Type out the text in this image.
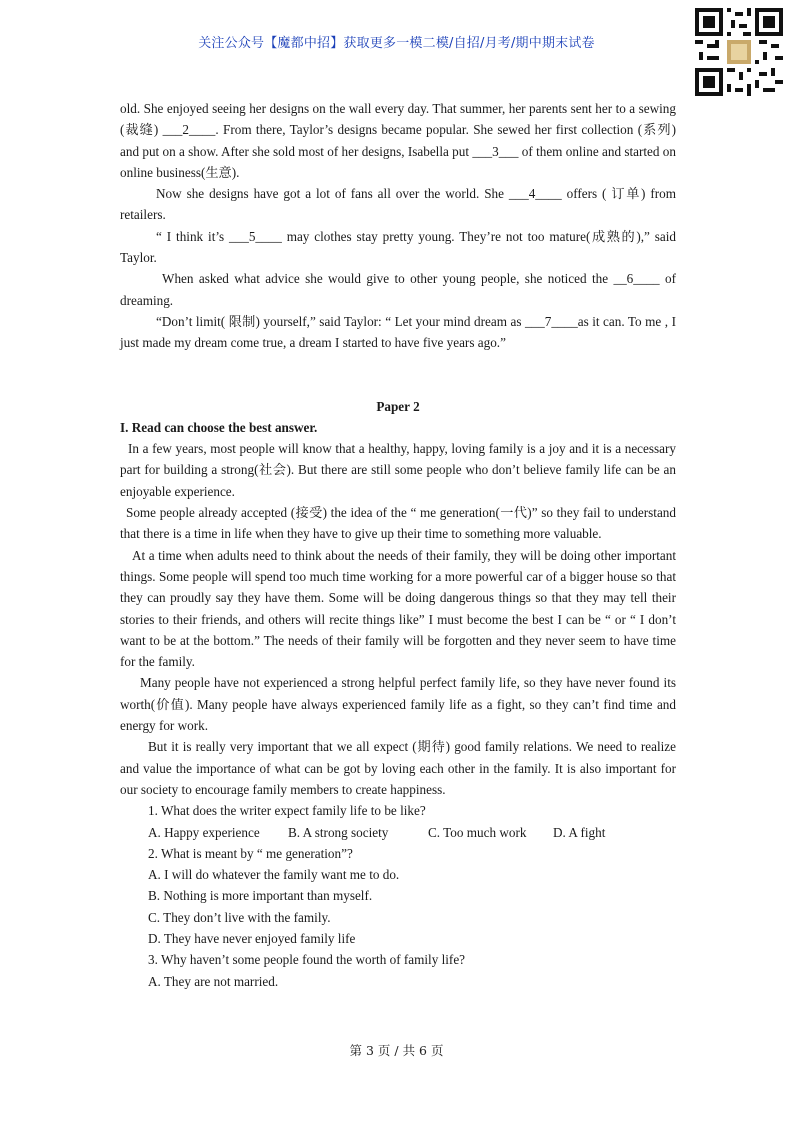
关注公众号【魔都中招】获取更多一模二模/自招/月考/期中期末试卷

old. She enjoyed seeing her designs on the wall every day. That summer, her parents sent her to a sewing (裁缝) ___2____. From there, Taylor’s designs became popular. She sewed her first collection (系列) and put on a show. After she sold most of her designs, Isabella put ___3___ of them online and started on online business(生意).

Now she designs have got a lot of fans all over the world. She ___4____ offers ( 订单) from retailers.

“ I think it’s ___5____ may clothes stay pretty young. They’re not too mature(成熟的),” said Taylor.

When asked what advice she would give to other young people, she noticed the __6____ of dreaming.

“Don’t limit( 限制) yourself,” said Taylor: “ Let your mind dream as ___7____as it can. To me , I just made my dream come true, a dream I started to have five years ago.”

Paper 2

I. Read can choose the best answer.

In a few years, most people will know that a healthy, happy, loving family is a joy and it is a necessary part for building a strong(社会). But there are still some people who don’t believe family life can be an enjoyable experience.

Some people already accepted (接受) the idea of the “ me generation(一代)” so they fail to understand that there is a time in life when they have to give up their time to something more valuable.

At a time when adults need to think about the needs of their family, they will be doing other important things. Some people will spend too much time working for a more powerful car of a bigger house so that they can proudly say they have them. Some will be doing dangerous things so that they may tell their stories to their friends, and others will recite things like” I must become the best I can be “ or “ I don’t want to be at the bottom.” The needs of their family will be forgotten and they never seem to have time for the family.

Many people have not experienced a strong helpful perfect family life, so they have never found its worth(价值). Many people have always experienced family life as a fight, so they can’t find time and energy for work.

But it is really very important that we all expect (期待) good family relations. We need to realize and value the importance of what can be got by loving each other in the family. It is also important for our society to encourage family members to create happiness.

1. What does the writer expect family life to be like?

A. Happy experience	B. A strong society	C. Too much work	D. A fight

2. What is meant by “ me generation”?

A. I will do whatever the family want me to do.

B. Nothing is more important than myself.

C. They don’t live with the family.

D. They have never enjoyed family life

3. Why haven’t some people found the worth of family life?

A. They are not married.

第 3 页 / 共 6 页
